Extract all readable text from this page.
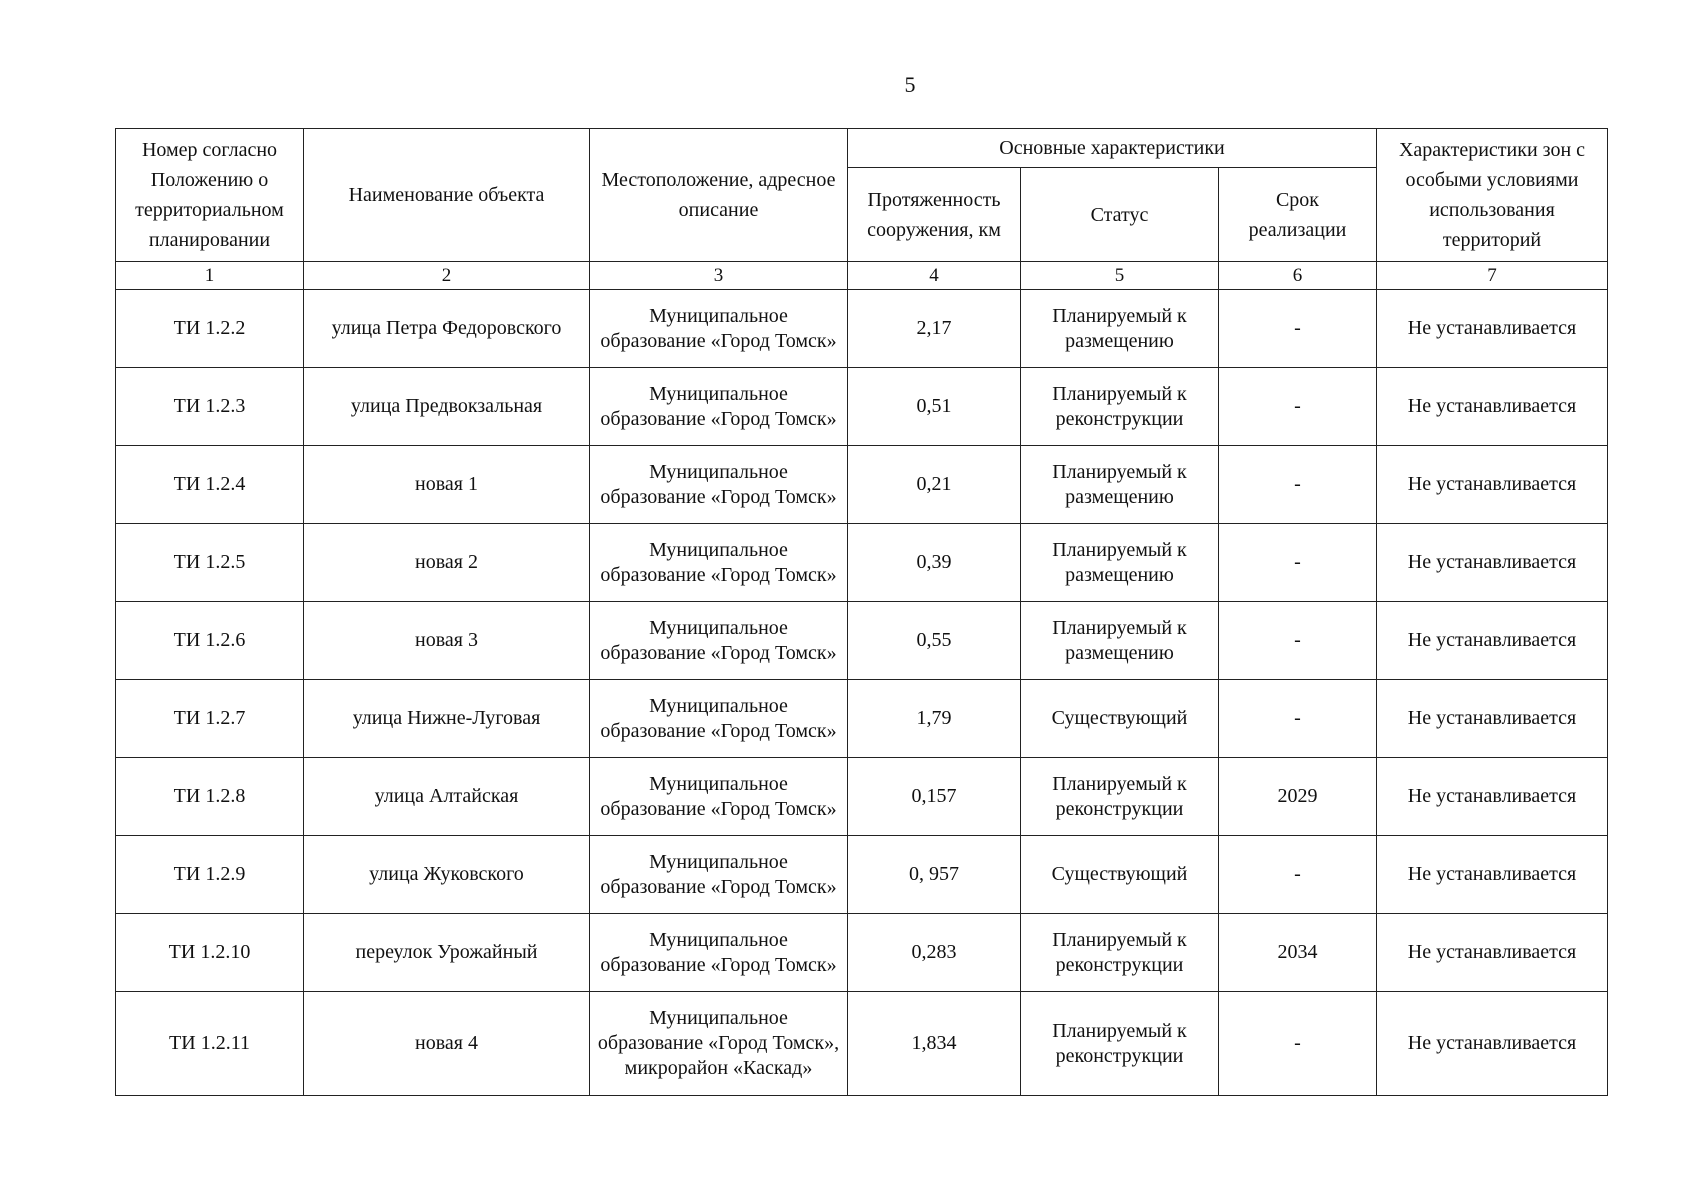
5
Номер согласно Положению о территориальном планировании	Наименование объекта	Местоположение, адресное описание	Основные характеристики			Характеристики зон с особыми условиями использования территорий
			Протяженность сооружения, км	Статус	Срок реализации	
1	2	3	4	5	6	7
ТИ 1.2.2	улица Петра Федоровского	Муниципальное образование «Город Томск»	2,17	Планируемый к размещению	-	Не устанавливается
ТИ 1.2.3	улица Предвокзальная	Муниципальное образование «Город Томск»	0,51	Планируемый к реконструкции	-	Не устанавливается
ТИ 1.2.4	новая 1	Муниципальное образование «Город Томск»	0,21	Планируемый к размещению	-	Не устанавливается
ТИ 1.2.5	новая 2	Муниципальное образование «Город Томск»	0,39	Планируемый к размещению	-	Не устанавливается
ТИ 1.2.6	новая 3	Муниципальное образование «Город Томск»	0,55	Планируемый к размещению	-	Не устанавливается
ТИ 1.2.7	улица Нижне-Луговая	Муниципальное образование «Город Томск»	1,79	Существующий	-	Не устанавливается
ТИ 1.2.8	улица Алтайская	Муниципальное образование «Город Томск»	0,157	Планируемый к реконструкции	2029	Не устанавливается
ТИ 1.2.9	улица Жуковского	Муниципальное образование «Город Томск»	0, 957	Существующий	-	Не устанавливается
ТИ 1.2.10	переулок Урожайный	Муниципальное образование «Город Томск»	0,283	Планируемый к реконструкции	2034	Не устанавливается
ТИ 1.2.11	новая 4	Муниципальное образование «Город Томск», микрорайон «Каскад»	1,834	Планируемый к реконструкции	-	Не устанавливается
